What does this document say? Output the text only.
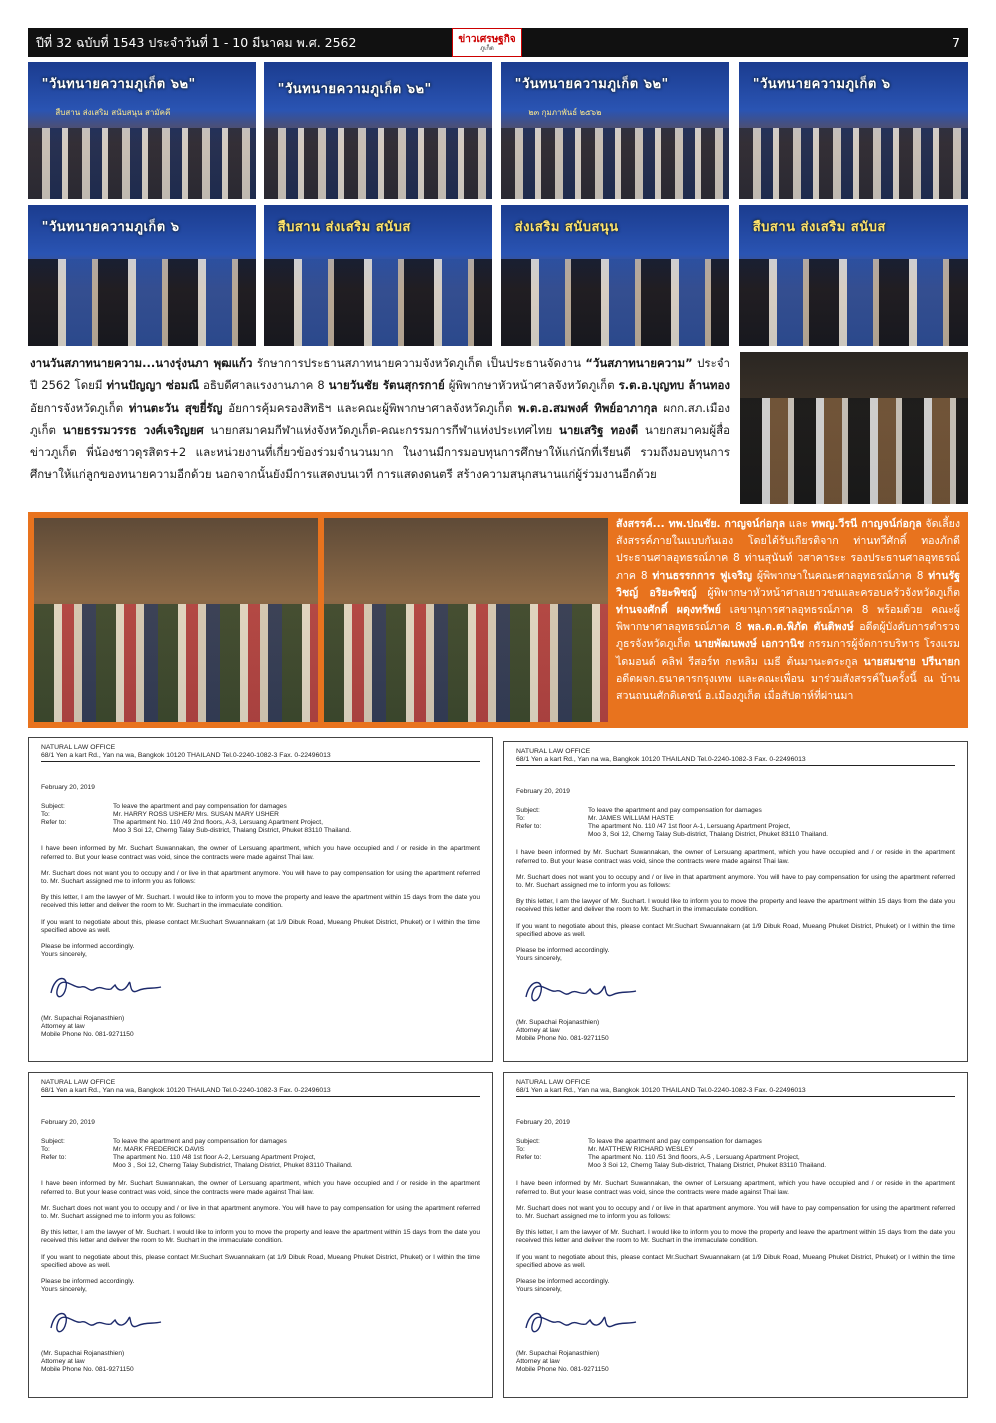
ปีที่ 32 ฉบับที่ 1543 ประจำวันที่ 1 - 10 มีนาคม พ.ศ. 2562	7
ข่าวเศรษฐกิจ
ภูเก็ต
"วันทนายความภูเก็ต ๖๒"
สืบสาน ส่งเสริม สนับสนุน สามัคคี
"วันทนายความภูเก็ต ๖๒"	"วันทนายความภูเก็ต ๖๒"
๒๓ กุมภาพันธ์ ๒๕๖๒
"วันทนายความภูเก็ต ๖
"วันทนายความภูเก็ต ๖	สืบสาน ส่งเสริม สนับส	ส่งเสริม สนับสนุน	สืบสาน ส่งเสริม สนับส
งานวันสภาทนายความ...นางรุ่งนภา พุฒแก้ว รักษาการประธานสภาทนายความจังหวัดภูเก็ต เป็นประธานจัดงาน “วันสภาทนายความ” ประจำปี 2562 โดยมี ท่านปัญญา ซ่อมณี อธิบดีศาลแรงงานภาค 8 นายวันชัย รัตนสุกรกาย์ ผู้พิพากษาหัวหน้าศาลจังหวัดภูเก็ต ร.ต.อ.บุญทบ ล้านทอง อัยการจังหวัดภูเก็ต ท่านตะวัน สุขยี่รัญ อัยการคุ้มครองสิทธิฯ และคณะผู้พิพากษาศาลจังหวัดภูเก็ต พ.ต.อ.สมพงศ์ ทิพย์อาภากุล ผกก.สภ.เมืองภูเก็ต นายธรรมวรรธ วงศ์เจริญยศ นายกสมาคมกีฬาแห่งจังหวัดภูเก็ต-คณะกรรมการกีฬาแห่งประเทศไทย นายเสริฐ ทองดี นายกสมาคมผู้สื่อข่าวภูเก็ต พี่น้องชาวดุรสิตร+2 และหน่วยงานที่เกี่ยวข้องร่วมจำนวนมาก ในงานมีการมอบทุนการศึกษาให้แก่นักที่เรียนดี รวมถึงมอบทุนการศึกษาให้แก่ลูกของทนายความอีกด้วย นอกจากนั้นยังมีการแสดงบนเวที การแสดงดนตรี สร้างความสนุกสนานแก่ผู้ร่วมงานอีกด้วย
สังสรรค์... ทพ.ปณชัย. กาญจน์ก่อกุล และ ทพญ.วีรนี กาญจน์ก่อกุล จัดเลี้ยงสังสรรค์ภายในแบบกันเอง โดยได้รับเกียรติจาก ท่านทวีศักดิ์ ทองภักดี ประธานศาลอุทธรณ์ภาค 8 ท่านสุนันท์ วสาคาระะ รองประธานศาลอุทธรณ์ภาค 8 ท่านธรรกการ ฟูเจริญ ผู้พิพากษาในคณะศาลอุทธรณ์ภาค 8 ท่านรัฐวิชญ์ อริยะพิชญ์ ผู้พิพากษาหัวหน้าศาลเยาวชนและครอบครัวจังหวัดภูเก็ต ท่านจงศักดิ์ ผดุงทรัพย์ เลขานุการศาลอุทธรณ์ภาค 8 พร้อมด้วย คณะผู้พิพากษาศาลอุทธรณ์ภาค 8 พล.ต.ต.พิภัด ตันติพงษ์ อดีตผู้บังคับการตำรวจภูธรจังหวัดภูเก็ต นายพัฒนพงษ์ เอกวานิช กรรมการผู้จัดการบริหาร โรงแรมไดมอนด์ คลิฟ รีสอร์ท กะหลิม เมธี ต้นมานะตระกูล นายสมชาย ปรีนายก อดีตผจก.ธนาคารกรุงเทพ และคณะเพื่อน มาร่วมสังสรรค์ในครั้งนี้ ณ บ้านสวนถนนศักดิเดชน์ อ.เมืองภูเก็ต เมื่อสัปดาห์ที่ผ่านมา
NATURAL LAW OFFICE
68/1 Yen a kart Rd., Yan na wa, Bangkok 10120 THAILAND Tel.0-2240-1082-3 Fax. 0-22496013
February 20, 2019
Subject:	To leave the apartment and pay compensation for damages
To:	Mr. HARRY ROSS USHER/ Mrs. SUSAN MARY USHER
Refer to:	The apartment No. 110 /49 2nd floors, A-3, Lersuang Apartment Project,
Moo 3 Soi 12, Cherng Talay Sub-district, Thalang District, Phuket 83110 Thailand.

I have been informed by Mr. Suchart Suwannakan, the owner of Lersuang apartment, which you have occupied and / or reside in the apartment referred to. But your lease contract was void, since the contracts were made against Thai law.

Mr. Suchart does not want you to occupy and / or live in that apartment anymore. You will have to pay compensation for using the apartment referred to. Mr. Suchart assigned me to inform you as follows:

By this letter, I am the lawyer of Mr. Suchart. I would like to inform you to move the property and leave the apartment within 15 days from the date you received this letter and deliver the room to Mr. Suchart in the immaculate condition.

If you want to negotiate about this, please contact Mr.Suchart Swuannakarn (at 1/9 Dibuk Road, Mueang Phuket District, Phuket) or I within the time specified above as well.

Please be informed accordingly.
Yours sincerely,
(Mr. Supachai Rojanasthien)
Attorney at law
Mobile Phone No. 081-9271150
NATURAL LAW OFFICE
68/1 Yen a kart Rd., Yan na wa, Bangkok 10120 THAILAND Tel.0-2240-1082-3 Fax. 0-22496013
February 20, 2019
Subject:	To leave the apartment and pay compensation for damages
To:	Mr. JAMES WILLIAM HASTE
Refer to:	The apartment No. 110 /47 1st floor A-1, Lersuang Apartment Project,
Moo 3, Soi 12, Cherng Talay Sub-district, Thalang District, Phuket 83110 Thailand.

I have been informed by Mr. Suchart Suwannakan, the owner of Lersuang apartment, which you have occupied and / or reside in the apartment referred to. But your lease contract was void, since the contracts were made against Thai law.

Mr. Suchart does not want you to occupy and / or live in that apartment anymore. You will have to pay compensation for using the apartment referred to. Mr. Suchart assigned me to inform you as follows:

By this letter, I am the lawyer of Mr. Suchart. I would like to inform you to move the property and leave the apartment within 15 days from the date you received this letter and deliver the room to Mr. Suchart in the immaculate condition.

If you want to negotiate about this, please contact Mr.Suchart Swuannakarn (at 1/9 Dibuk Road, Mueang Phuket District, Phuket) or I within the time specified above as well.

Please be informed accordingly.
Yours sincerely,
(Mr. Supachai Rojanasthien)
Attorney at law
Mobile Phone No. 081-9271150
NATURAL LAW OFFICE
68/1 Yen a kart Rd., Yan na wa, Bangkok 10120 THAILAND Tel.0-2240-1082-3 Fax. 0-22496013
February 20, 2019
Subject:	To leave the apartment and pay compensation for damages
To:	Mr. MARK FREDERICK DAVIS
Refer to:	The apartment No. 110 /48 1st floor A-2, Lersuang Apartment Project,
Moo 3 , Soi 12, Cherng Talay Subdistrict, Thalang District, Phuket 83110 Thailand.

I have been informed by Mr. Suchart Suwannakan, the owner of Lersuang apartment, which you have occupied and / or reside in the apartment referred to. But your lease contract was void, since the contracts were made against Thai law.

Mr. Suchart does not want you to occupy and / or live in that apartment anymore. You will have to pay compensation for using the apartment referred to. Mr. Suchart assigned me to inform you as follows:

By this letter, I am the lawyer of Mr. Suchart. I would like to inform you to move the property and leave the apartment within 15 days from the date you received this letter and deliver the room to Mr. Suchart in the immaculate condition.

If you want to negotiate about this, please contact Mr.Suchart Swuannakarn (at 1/9 Dibuk Road, Mueang Phuket District, Phuket) or I within the time specified above as well.

Please be informed accordingly.
Yours sincerely,
(Mr. Supachai Rojanasthien)
Attorney at law
Mobile Phone No. 081-9271150
NATURAL LAW OFFICE
68/1 Yen a kart Rd., Yan na wa, Bangkok 10120 THAILAND Tel.0-2240-1082-3 Fax. 0-22496013
February 20, 2019
Subject:	To leave the apartment and pay compensation for damages
To:	Mr. MATTHEW RICHARD WESLEY
Refer to:	The apartment No. 110 /51 3nd floors, A-5 , Lersuang Apartment Project,
Moo 3 Soi 12, Cherng Talay Sub-district, Thalang District, Phuket 83110 Thailand.

I have been informed by Mr. Suchart Suwannakan, the owner of Lersuang apartment, which you have occupied and / or reside in the apartment referred to. But your lease contract was void, since the contracts were made against Thai law.

Mr. Suchart does not want you to occupy and / or live in that apartment anymore. You will have to pay compensation for using the apartment referred to. Mr. Suchart assigned me to inform you as follows:

By this letter, I am the lawyer of Mr. Suchart. I would like to inform you to move the property and leave the apartment within 15 days from the date you received this letter and deliver the room to Mr. Suchart in the immaculate condition.

If you want to negotiate about this, please contact Mr.Suchart Swuannakarn (at 1/9 Dibuk Road, Mueang Phuket District, Phuket) or I within the time specified above as well.

Please be informed accordingly.
Yours sincerely,
(Mr. Supachai Rojanasthien)
Attorney at law
Mobile Phone No. 081-9271150
